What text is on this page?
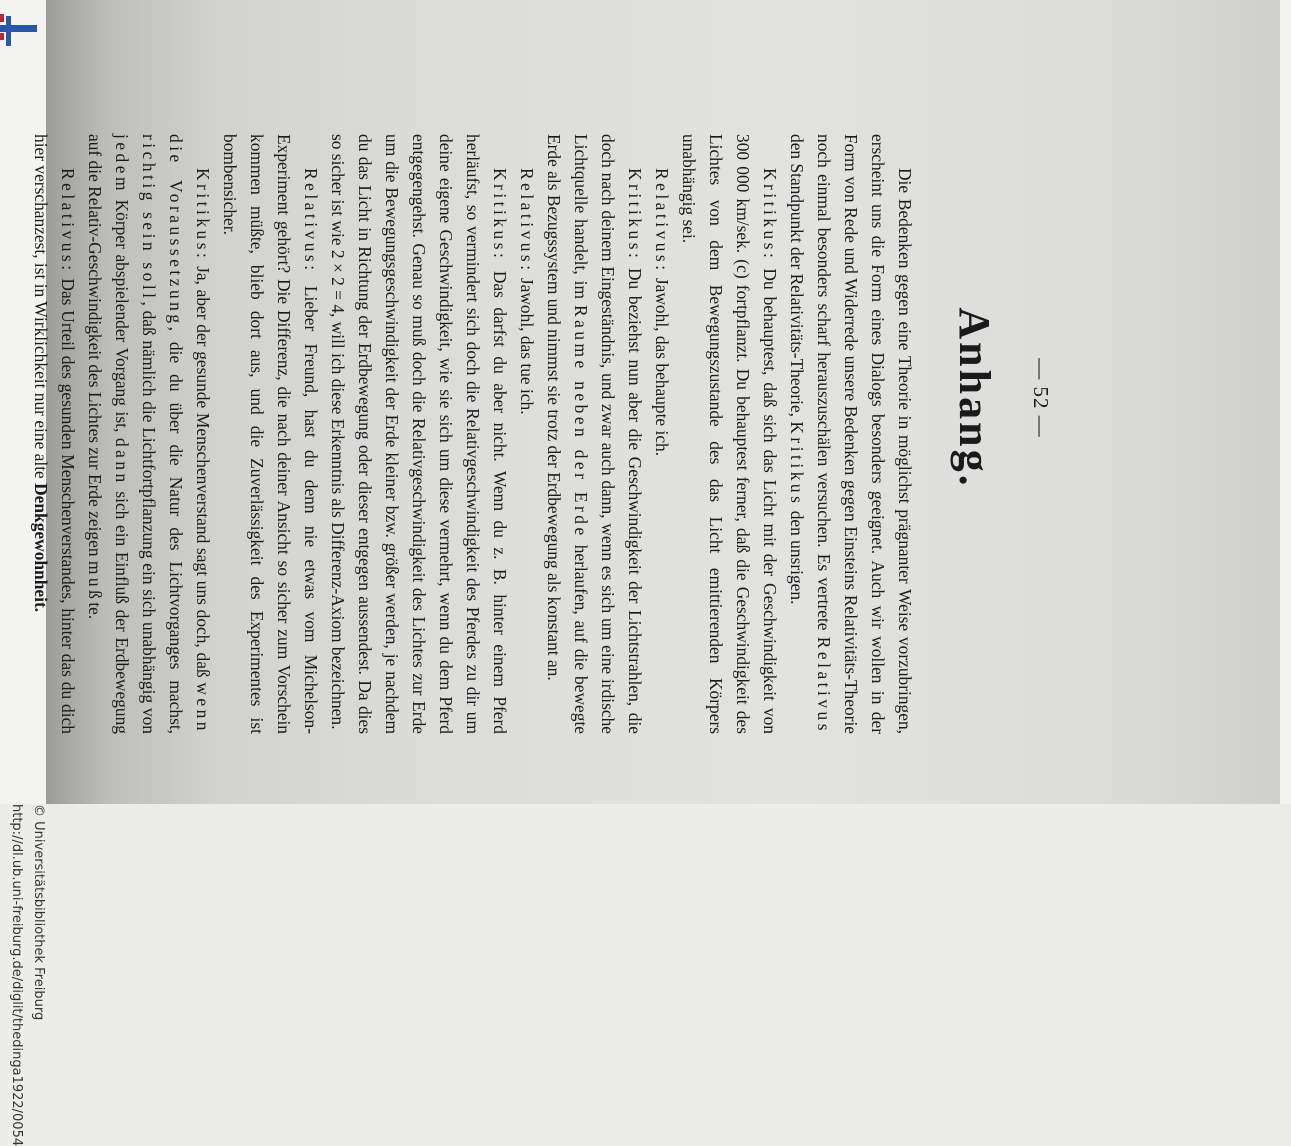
http://dl.ub.uni-freiburg.de/diglit/thedinga1922/0054 © Universitätsbibliothek Freiburg
— 52 —
Anhang.

Die Bedenken gegen eine Theorie in möglichst prägnanter Weise vorzubringen, erscheint uns die Form eines Dialogs besonders geeignet. Auch wir wollen in der Form von Rede und Widerrede unsere Bedenken gegen Einsteins Relativitäts-Theorie noch einmal besonders scharf herauszuschälen versuchen. Es vertrete Relativus den Standpunkt der Relativitäts-Theorie, Kritikus den unsrigen.

Kritikus: Du behauptest, daß sich das Licht mit der Geschwindigkeit von 300 000 km/sek. (c) fortpflanzt. Du behauptest ferner, daß die Geschwindigkeit des Lichtes von dem Bewegungszustande des das Licht emittierenden Körpers unabhängig sei.

Relativus: Jawohl, das behaupte ich.

Kritikus: Du beziehst nun aber die Geschwindigkeit der Lichtstrahlen, die doch nach deinem Eingeständnis, und zwar auch dann, wenn es sich um eine irdische Lichtquelle handelt, im Raume neben der Erde herlaufen, auf die bewegte Erde als Bezugssystem und nimmst sie trotz der Erdbewegung als konstant an.

Relativus: Jawohl, das tue ich.

Kritikus: Das darfst du aber nicht. Wenn du z. B. hinter einem Pferd herläufst, so vermindert sich doch die Relativgeschwindigkeit des Pferdes zu dir um deine eigene Geschwindigkeit, wie sie sich um diese vermehrt, wenn du dem Pferd entgegengehst. Genau so muß doch die Relativgeschwindigkeit des Lichtes zur Erde um die Bewegungsgeschwindigkeit der Erde kleiner bzw. größer werden, je nachdem du das Licht in Richtung der Erdbewegung oder dieser entgegen aussendest. Da dies so sicher ist wie 2 × 2 = 4, will ich diese Erkenntnis als Differenz-Axiom bezeichnen.

Relativus: Lieber Freund, hast du denn nie etwas vom Michelson-Experiment gehört? Die Differenz, die nach deiner Ansicht so sicher zum Vorschein kommen müßte, blieb dort aus, und die Zuverlässigkeit des Experimentes ist bombensicher.

Kritikus: Ja, aber der gesunde Menschenverstand sagt uns doch, daß wenn die Voraussetzung, die du über die Natur des Lichtvorganges machst, richtig sein soll, daß nämlich die Lichtfortpflanzung ein sich unabhängig von jedem Körper abspielender Vorgang ist, dann sich ein Einfluß der Erdbewegung auf die Relativ-Geschwindigkeit des Lichtes zur Erde zeigen mußte.

Relativus: Das Urteil des gesunden Menschenverstandes, hinter das du dich hier verschanzest, ist in Wirklichkeit nur eine alte Denkgewohnheit.
